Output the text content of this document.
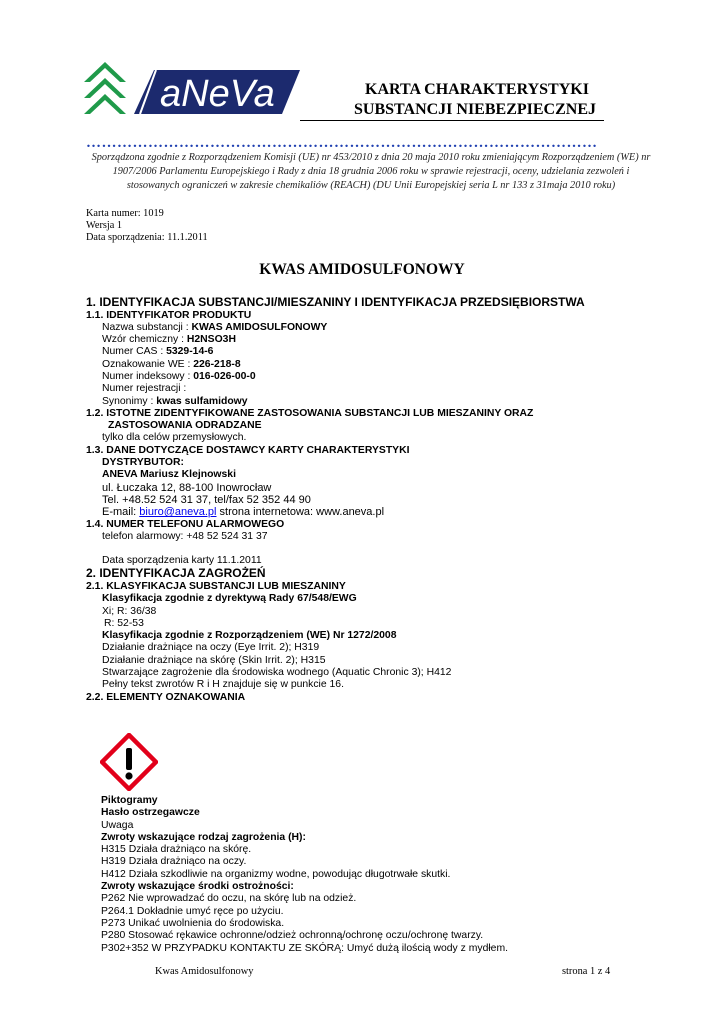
aNeVa	KARTA CHARAKTERYSTYKI
SUBSTANCJI NIEBEZPIECZNEJ
………………………………………………………………………………………
Sporządzona zgodnie z Rozporządzeniem Komisji (UE) nr 453/2010 z dnia 20 maja 2010 roku zmieniającym Rozporządzeniem (WE) nr 1907/2006 Parlamentu Europejskiego i Rady z dnia 18 grudnia 2006 roku w sprawie rejestracji, oceny, udzielania zezwoleń i stosowanych ograniczeń w zakresie chemikaliów (REACH) (DU Unii Europejskiej seria L nr 133 z 31maja 2010 roku)
Karta numer: 1019
Wersja 1
Data sporządzenia: 11.1.2011
KWAS AMIDOSULFONOWY
1. IDENTYFIKACJA SUBSTANCJI/MIESZANINY I IDENTYFIKACJA PRZEDSIĘBIORSTWA
1.1. IDENTYFIKATOR PRODUKTU
Nazwa substancji : KWAS AMIDOSULFONOWY
Wzór chemiczny : H2NSO3H
Numer CAS : 5329-14-6
Oznakowanie WE : 226-218-8
Numer indeksowy : 016-026-00-0
Numer rejestracji :
Synonimy : kwas sulfamidowy
1.2. ISTOTNE ZIDENTYFIKOWANE ZASTOSOWANIA SUBSTANCJI LUB MIESZANINY ORAZ
ZASTOSOWANIA ODRADZANE
tylko dla celów przemysłowych.
1.3. DANE DOTYCZĄCE DOSTAWCY KARTY CHARAKTERYSTYKI
DYSTRYBUTOR:
ANEVA Mariusz Klejnowski
ul. Łuczaka 12, 88-100 Inowrocław
Tel. +48.52 524 31 37, tel/fax 52 352 44 90
E-mail: biuro@aneva.pl strona internetowa: www.aneva.pl
1.4. NUMER TELEFONU ALARMOWEGO
telefon alarmowy: +48 52 524 31 37
Data sporządzenia karty 11.1.2011
2. IDENTYFIKACJA ZAGROŻEŃ
2.1. KLASYFIKACJA SUBSTANCJI LUB MIESZANINY
Klasyfikacja zgodnie z dyrektywą Rady 67/548/EWG
Xi; R: 36/38
R: 52-53
Klasyfikacja zgodnie z Rozporządzeniem (WE) Nr 1272/2008
Działanie drażniące na oczy (Eye Irrit. 2); H319
Działanie drażniące na skórę (Skin Irrit. 2); H315
Stwarzające zagrożenie dla środowiska wodnego (Aquatic Chronic 3); H412
Pełny tekst zwrotów R i H znajduje się w punkcie 16.
2.2. ELEMENTY OZNAKOWANIA
Piktogramy
Hasło ostrzegawcze
Uwaga
Zwroty wskazujące rodzaj zagrożenia (H):
H315 Działa drażniąco na skórę.
H319 Działa drażniąco na oczy.
H412 Działa szkodliwie na organizmy wodne, powodując długotrwałe skutki.
Zwroty wskazujące środki ostrożności:
P262 Nie wprowadzać do oczu, na skórę lub na odzież.
P264.1 Dokładnie umyć ręce po użyciu.
P273 Unikać uwolnienia do środowiska.
P280 Stosować rękawice ochronne/odzież ochronną/ochronę oczu/ochronę twarzy.
P302+352 W PRZYPADKU KONTAKTU ZE SKÓRĄ: Umyć dużą ilością wody z mydłem.
Kwas Amidosulfonowy	strona 1 z 4
